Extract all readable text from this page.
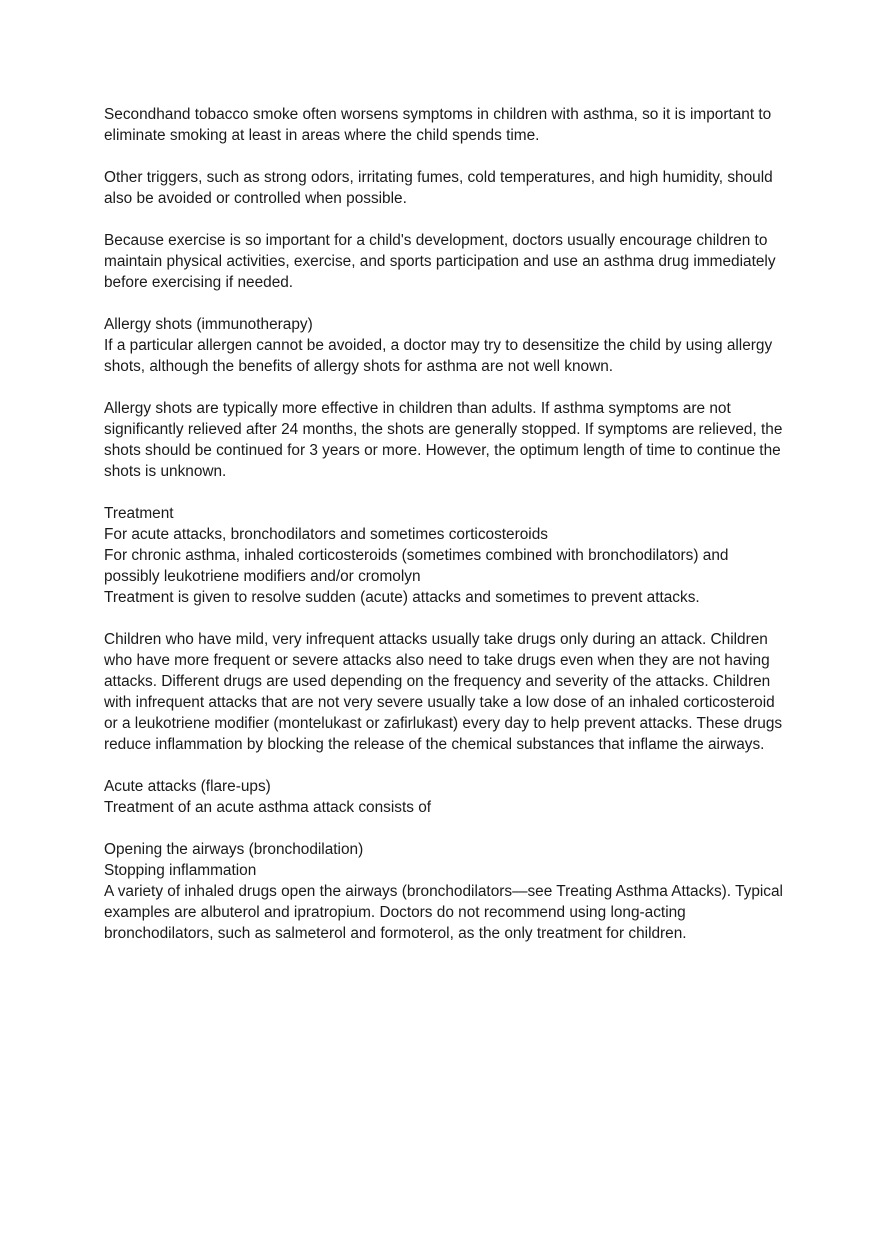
Secondhand tobacco smoke often worsens symptoms in children with asthma, so it is important to eliminate smoking at least in areas where the child spends time.

Other triggers, such as strong odors, irritating fumes, cold temperatures, and high humidity, should also be avoided or controlled when possible.

Because exercise is so important for a child's development, doctors usually encourage children to maintain physical activities, exercise, and sports participation and use an asthma drug immediately before exercising if needed.

Allergy shots (immunotherapy)

If a particular allergen cannot be avoided, a doctor may try to desensitize the child by using allergy shots, although the benefits of allergy shots for asthma are not well known.

Allergy shots are typically more effective in children than adults. If asthma symptoms are not significantly relieved after 24 months, the shots are generally stopped. If symptoms are relieved, the shots should be continued for 3 years or more. However, the optimum length of time to continue the shots is unknown.

Treatment

For acute attacks, bronchodilators and sometimes corticosteroids

For chronic asthma, inhaled corticosteroids (sometimes combined with bronchodilators) and possibly leukotriene modifiers and/or cromolyn

Treatment is given to resolve sudden (acute) attacks and sometimes to prevent attacks.

Children who have mild, very infrequent attacks usually take drugs only during an attack. Children who have more frequent or severe attacks also need to take drugs even when they are not having attacks. Different drugs are used depending on the frequency and severity of the attacks. Children with infrequent attacks that are not very severe usually take a low dose of an inhaled corticosteroid or a leukotriene modifier (montelukast or zafirlukast) every day to help prevent attacks. These drugs reduce inflammation by blocking the release of the chemical substances that inflame the airways.

Acute attacks (flare-ups)

Treatment of an acute asthma attack consists of

Opening the airways (bronchodilation)

Stopping inflammation

A variety of inhaled drugs open the airways (bronchodilators—see Treating Asthma Attacks). Typical examples are albuterol and ipratropium. Doctors do not recommend using long-acting bronchodilators, such as salmeterol and formoterol, as the only treatment for children.
